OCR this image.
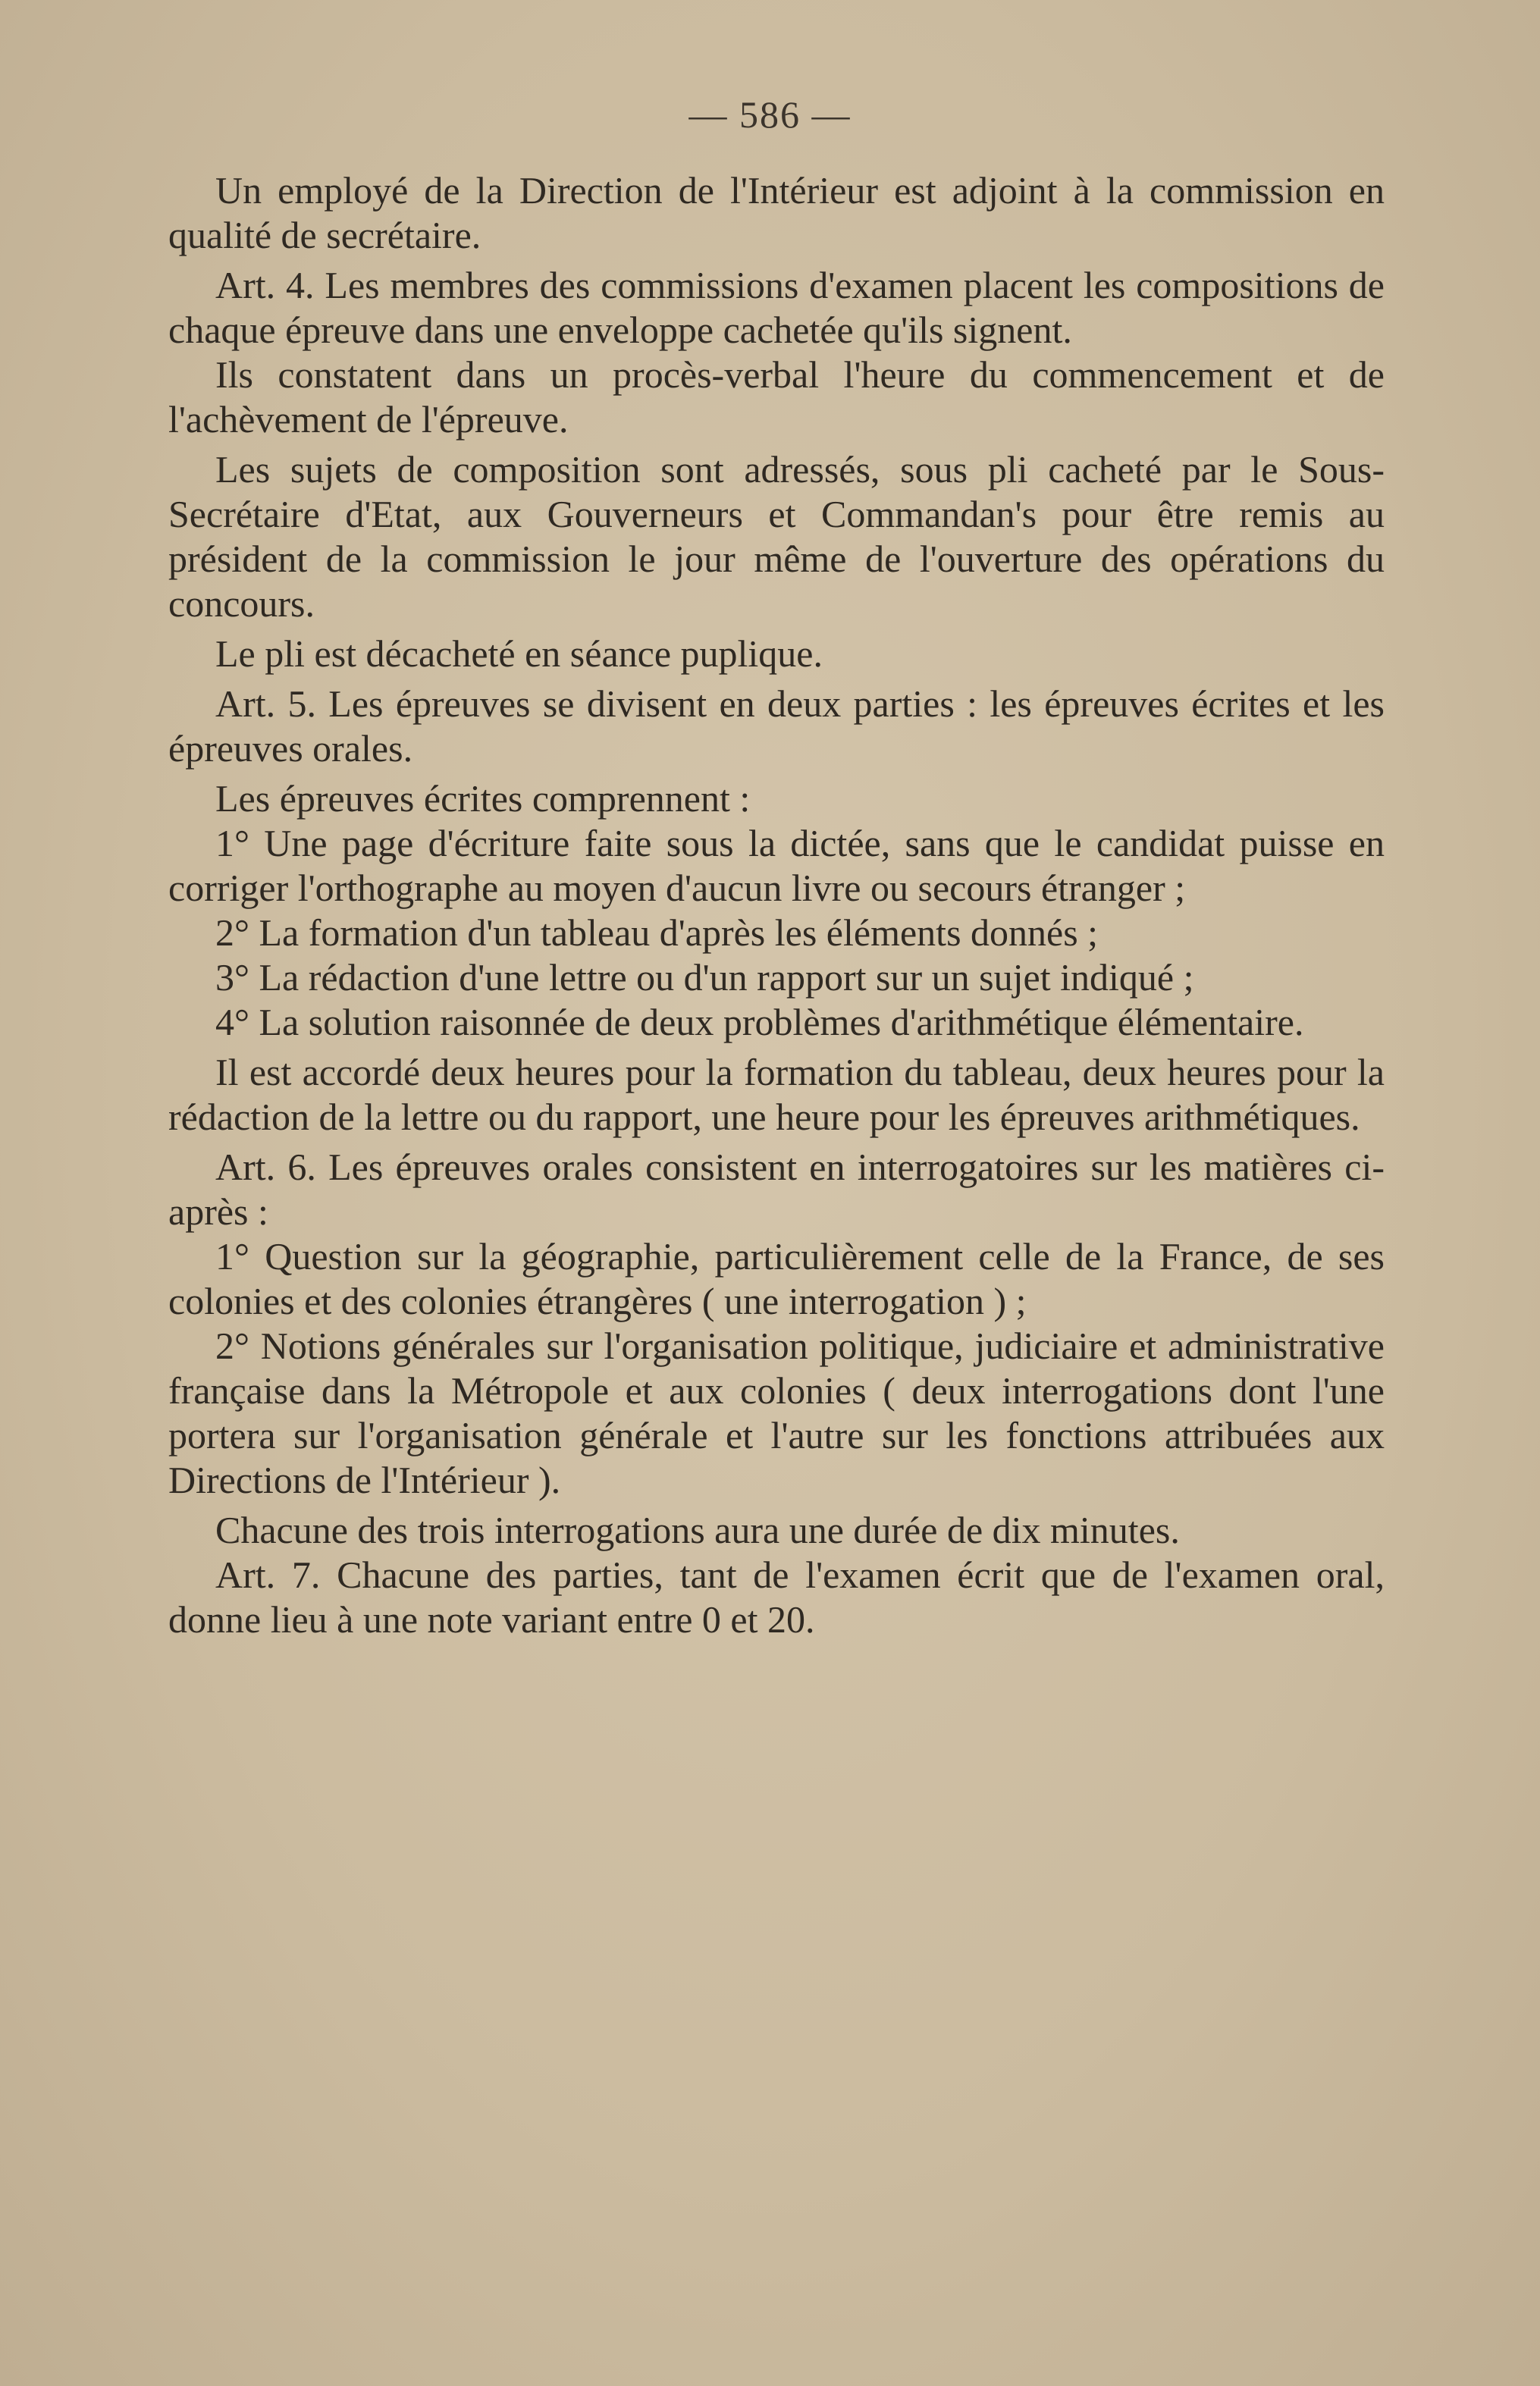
— 586 —

Un employé de la Direction de l'Intérieur est adjoint à la commission en qualité de secrétaire.

Art. 4. Les membres des commissions d'examen placent les compositions de chaque épreuve dans une enveloppe cachetée qu'ils signent.

Ils constatent dans un procès-verbal l'heure du commencement et de l'achèvement de l'épreuve.

Les sujets de composition sont adressés, sous pli cacheté par le Sous-Secrétaire d'Etat, aux Gouverneurs et Commandan's pour être remis au président de la commission le jour même de l'ouverture des opérations du concours.

Le pli est décacheté en séance puplique.

Art. 5. Les épreuves se divisent en deux parties : les épreuves écrites et les épreuves orales.

Les épreuves écrites comprennent :

1° Une page d'écriture faite sous la dictée, sans que le candidat puisse en corriger l'orthographe au moyen d'aucun livre ou secours étranger ;

2° La formation d'un tableau d'après les éléments donnés ;

3° La rédaction d'une lettre ou d'un rapport sur un sujet indiqué ;

4° La solution raisonnée de deux problèmes d'arithmétique élémentaire.

Il est accordé deux heures pour la formation du tableau, deux heures pour la rédaction de la lettre ou du rapport, une heure pour les épreuves arithmétiques.

Art. 6. Les épreuves orales consistent en interrogatoires sur les matières ci-après :

1° Question sur la géographie, particulièrement celle de la France, de ses colonies et des colonies étrangères ( une interrogation ) ;

2° Notions générales sur l'organisation politique, judiciaire et administrative française dans la Métropole et aux colonies ( deux interrogations dont l'une portera sur l'organisation générale et l'autre sur les fonctions attribuées aux Directions de l'Intérieur ).

Chacune des trois interrogations aura une durée de dix minutes.

Art. 7. Chacune des parties, tant de l'examen écrit que de l'examen oral, donne lieu à une note variant entre 0 et 20.
